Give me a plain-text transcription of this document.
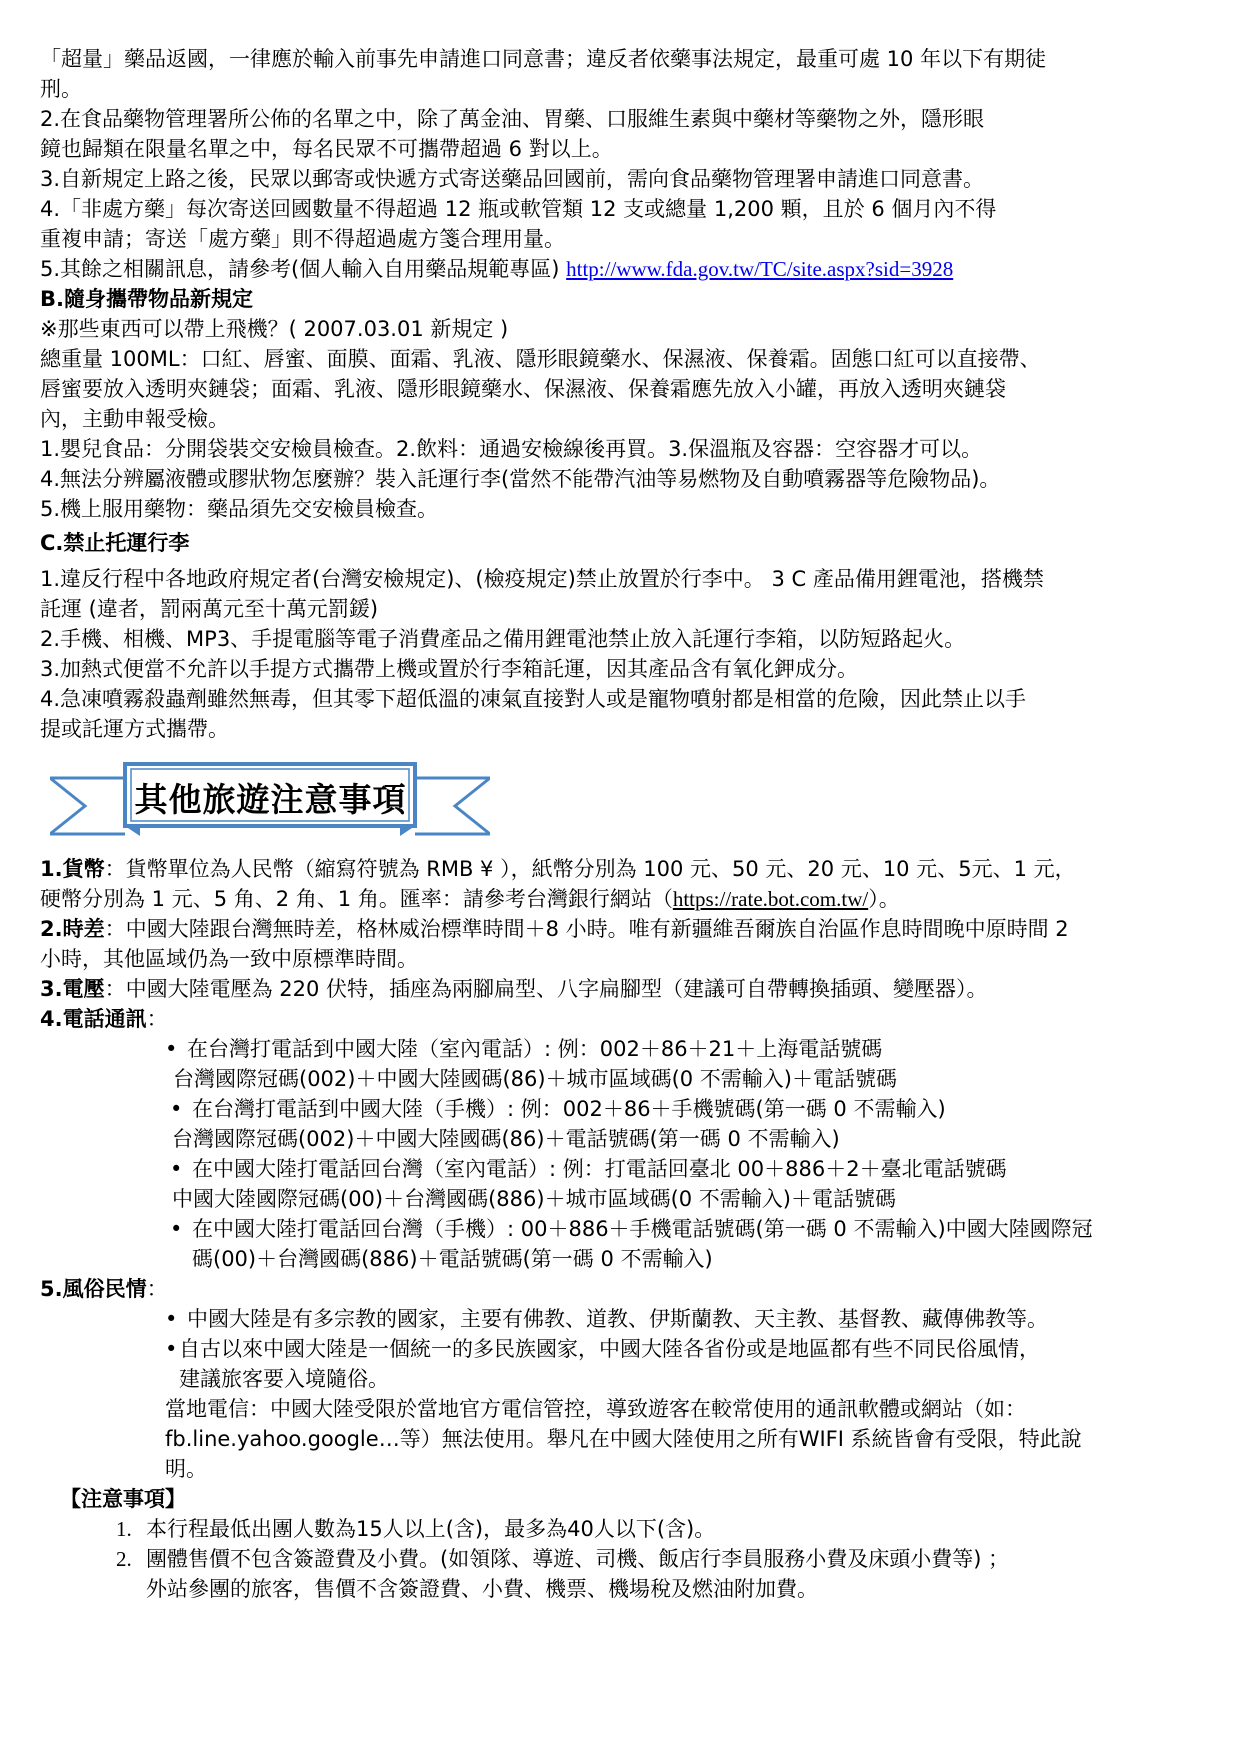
「超量」藥品返國，一律應於輸入前事先申請進口同意書；違反者依藥事法規定，最重可處 10 年以下有期徒

刑。

2.在食品藥物管理署所公佈的名單之中，除了萬金油、胃藥、口服維生素與中藥材等藥物之外，隱形眼

鏡也歸類在限量名單之中，每名民眾不可攜帶超過 6 對以上。

3.自新規定上路之後，民眾以郵寄或快遞方式寄送藥品回國前，需向食品藥物管理署申請進口同意書。

4.「非處方藥」每次寄送回國數量不得超過 12 瓶或軟管類 12 支或總量 1,200 顆，且於 6 個月內不得

重複申請；寄送「處方藥」則不得超過處方箋合理用量。

5.其餘之相關訊息，請參考(個人輸入自用藥品規範專區) http://www.fda.gov.tw/TC/site.aspx?sid=3928

B.隨身攜帶物品新規定

※那些東西可以帶上飛機？( 2007.03.01 新規定 )

總重量 100ML：口紅、唇蜜、面膜、面霜、乳液、隱形眼鏡藥水、保濕液、保養霜。固態口紅可以直接帶、

唇蜜要放入透明夾鏈袋；面霜、乳液、隱形眼鏡藥水、保濕液、保養霜應先放入小罐，再放入透明夾鏈袋

內，主動申報受檢。

1.嬰兒食品：分開袋裝交安檢員檢查。2.飲料：通過安檢線後再買。3.保溫瓶及容器：空容器才可以。

4.無法分辨屬液體或膠狀物怎麼辦？裝入託運行李(當然不能帶汽油等易燃物及自動噴霧器等危險物品)。

5.機上服用藥物：藥品須先交安檢員檢查。

C.禁止托運行李

1.違反行程中各地政府規定者(台灣安檢規定)、(檢疫規定)禁止放置於行李中。 3 C 產品備用鋰電池，搭機禁

託運 (違者，罰兩萬元至十萬元罰鍰)

2.手機、相機、MP3、手提電腦等電子消費產品之備用鋰電池禁止放入託運行李箱，以防短路起火。

3.加熱式便當不允許以手提方式攜帶上機或置於行李箱託運，因其產品含有氧化鉀成分。

4.急凍噴霧殺蟲劑雖然無毒，但其零下超低溫的凍氣直接對人或是寵物噴射都是相當的危險，因此禁止以手

提或託運方式攜帶。

其他旅遊注意事項

1.貨幣：貨幣單位為人民幣（縮寫符號為 RMB ¥ ），紙幣分別為 100 元、50 元、20 元、10 元、5元、1 元，

硬幣分別為 1 元、5 角、2 角、1 角。匯率：請參考台灣銀行網站（https://rate.bot.com.tw/）。

2.時差：中國大陸跟台灣無時差，格林威治標準時間＋8 小時。唯有新疆維吾爾族自治區作息時間晚中原時間 2

小時，其他區域仍為一致中原標準時間。

3.電壓：中國大陸電壓為 220 伏特，插座為兩腳扁型、八字扁腳型（建議可自帶轉換插頭、變壓器）。

4.電話通訊：

• 在台灣打電話到中國大陸（室內電話）: 例：002＋86＋21＋上海電話號碼

台灣國際冠碼(002)＋中國大陸國碼(86)＋城市區域碼(0 不需輸入)＋電話號碼

• 在台灣打電話到中國大陸（手機）: 例：002＋86＋手機號碼(第一碼 0 不需輸入)

台灣國際冠碼(002)＋中國大陸國碼(86)＋電話號碼(第一碼 0 不需輸入)

• 在中國大陸打電話回台灣（室內電話）: 例：打電話回臺北 00＋886＋2＋臺北電話號碼

中國大陸國際冠碼(00)＋台灣國碼(886)＋城市區域碼(0 不需輸入)＋電話號碼

• 在中國大陸打電話回台灣（手機）: 00＋886＋手機電話號碼(第一碼 0 不需輸入)中國大陸國際冠

碼(00)＋台灣國碼(886)＋電話號碼(第一碼 0 不需輸入)

5.風俗民情：

• 中國大陸是有多宗教的國家，主要有佛教、道教、伊斯蘭教、天主教、基督教、藏傳佛教等。

•自古以來中國大陸是一個統一的多民族國家，中國大陸各省份或是地區都有些不同民俗風情，

建議旅客要入境隨俗。

當地電信：中國大陸受限於當地官方電信管控，導致遊客在較常使用的通訊軟體或網站（如：

fb.line.yahoo.google…等）無法使用。舉凡在中國大陸使用之所有WIFI 系統皆會有受限，特此說

明。

【注意事項】

1. 本行程最低出團人數為15人以上(含)，最多為40人以下(含)。

2. 團體售價不包含簽證費及小費。(如領隊、導遊、司機、飯店行李員服務小費及床頭小費等) ；

外站參團的旅客，售價不含簽證費、小費、機票、機場稅及燃油附加費。
